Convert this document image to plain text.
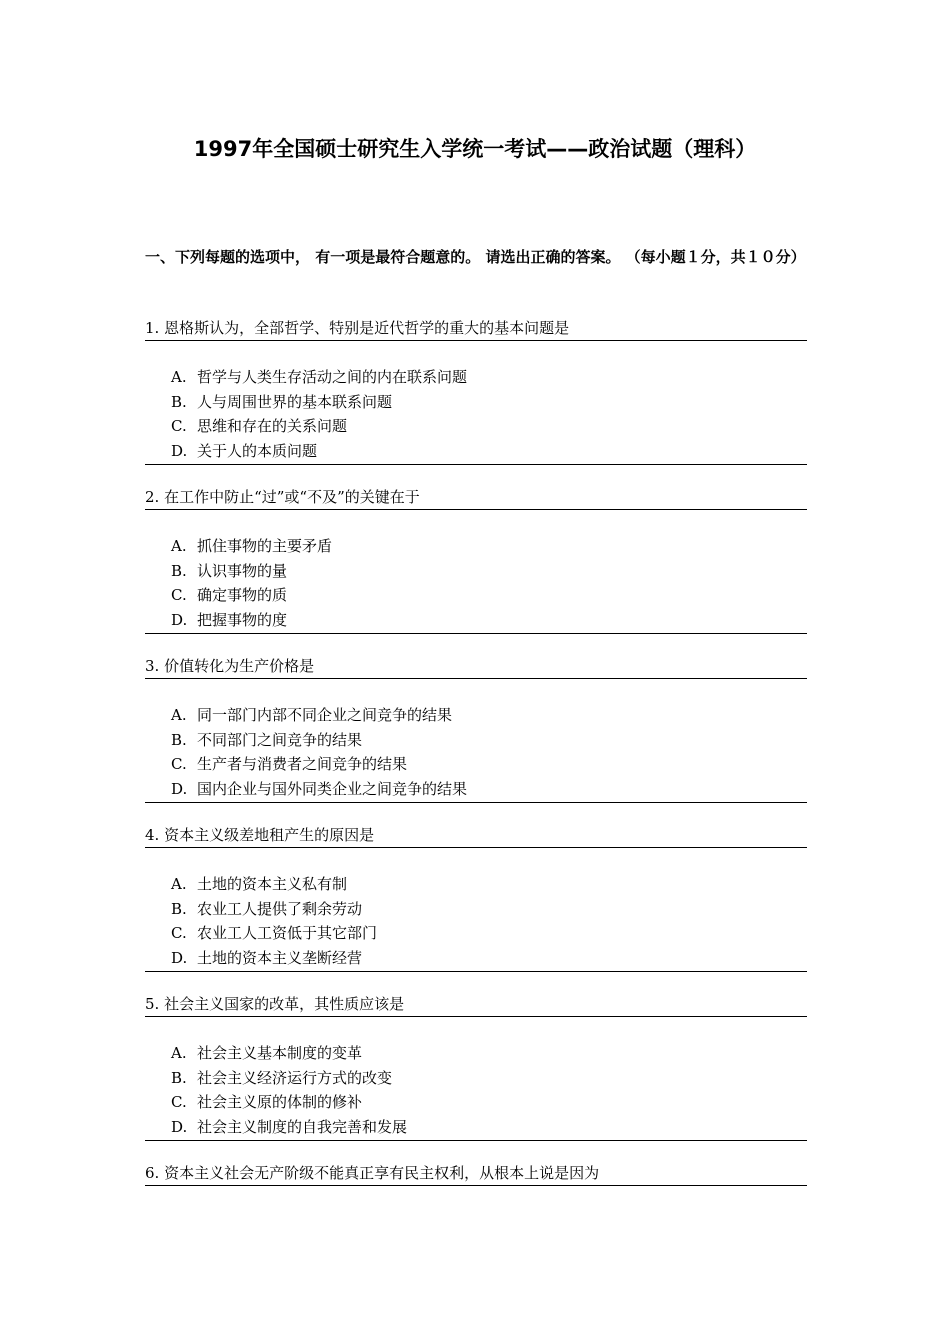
1997年全国硕士研究生入学统一考试——政治试题（理科）

一、下列每题的选项中， 有一项是最符合题意的。 请选出正确的答案。 （每小题１分，共１０分）

1. 恩格斯认为，全部哲学、特别是近代哲学的重大的基本问题是
A. 哲学与人类生存活动之间的内在联系问题
B. 人与周围世界的基本联系问题
C. 思维和存在的关系问题
D. 关于人的本质问题
2. 在工作中防止“过”或“不及”的关键在于
A. 抓住事物的主要矛盾
B. 认识事物的量
C. 确定事物的质
D. 把握事物的度
3. 价值转化为生产价格是
A. 同一部门内部不同企业之间竞争的结果
B. 不同部门之间竞争的结果
C. 生产者与消费者之间竞争的结果
D. 国内企业与国外同类企业之间竞争的结果
4. 资本主义级差地租产生的原因是
A. 土地的资本主义私有制
B. 农业工人提供了剩余劳动
C. 农业工人工资低于其它部门
D. 土地的资本主义垄断经营
5. 社会主义国家的改革，其性质应该是
A. 社会主义基本制度的变革
B. 社会主义经济运行方式的改变
C. 社会主义原的体制的修补
D. 社会主义制度的自我完善和发展
6. 资本主义社会无产阶级不能真正享有民主权利，从根本上说是因为
